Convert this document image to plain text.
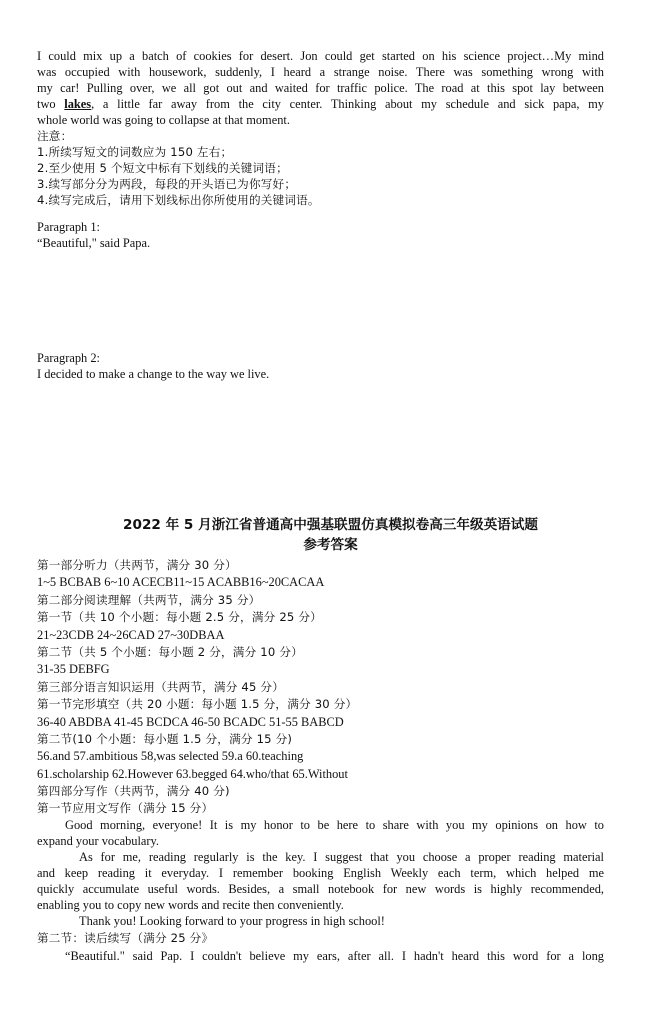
I could mix up a batch of cookies for desert. Jon could get started on his science project…My mind
was occupied with housework, suddenly, I heard a strange noise. There was something wrong with
my car! Pulling over, we all got out and waited for traffic police. The road at this spot lay between
two lakes, a little far away from the city center. Thinking about my schedule and sick papa, my
whole world was going to collapse at that moment.
注意：
1.所续写短文的词数应为 150 左右；
2.至少使用 5 个短文中标有下划线的关键词语；
3.续写部分分为两段，每段的开头语已为你写好；
4.续写完成后，请用下划线标出你所使用的关键词语。
Paragraph 1:
“Beautiful," said Papa.
Paragraph 2:
I decided to make a change to the way we live.
2022 年 5 月浙江省普通高中强基联盟仿真模拟卷高三年级英语试题
参考答案
第一部分听力（共两节，满分 30 分）
1~5 BCBAB 6~10 ACECB11~15 ACABB16~20CACAA
第二部分阅读理解（共两节，满分 35 分）
第一节（共 10 个小题：每小题 2.5 分，满分 25 分）
21~23CDB 24~26CAD 27~30DBAA
第二节（共 5 个小题：每小题 2 分，满分 10 分）
31-35 DEBFG
第三部分语言知识运用（共两节，满分 45 分）
第一节完形填空（共 20 小题：每小题 1.5 分，满分 30 分）
36-40 ABDBA 41-45 BCDCA 46-50 BCADC 51-55 BABCD
第二节(10 个小题：每小题 1.5 分，满分 15 分)
56.and 57.ambitious 58,was selected 59.a 60.teaching
61.scholarship 62.However 63.begged 64.who/that 65.Without
第四部分写作（共两节，满分 40 分)
第一节应用文写作（满分 15 分）
Good morning, everyone! It is my honor to be here to share with you my opinions on how to
expand your vocabulary.
As for me, reading regularly is the key. I suggest that you choose a proper reading material
and keep reading it everyday. I remember booking English Weekly each term, which helped me
quickly accumulate useful words. Besides, a small notebook for new words is highly recommended,
enabling you to copy new words and recite then conveniently.
Thank you! Looking forward to your progress in high school!
第二节：读后续写（满分 25 分》
“Beautiful." said Pap. I couldn't believe my ears, after all. I hadn't heard this word for a long
